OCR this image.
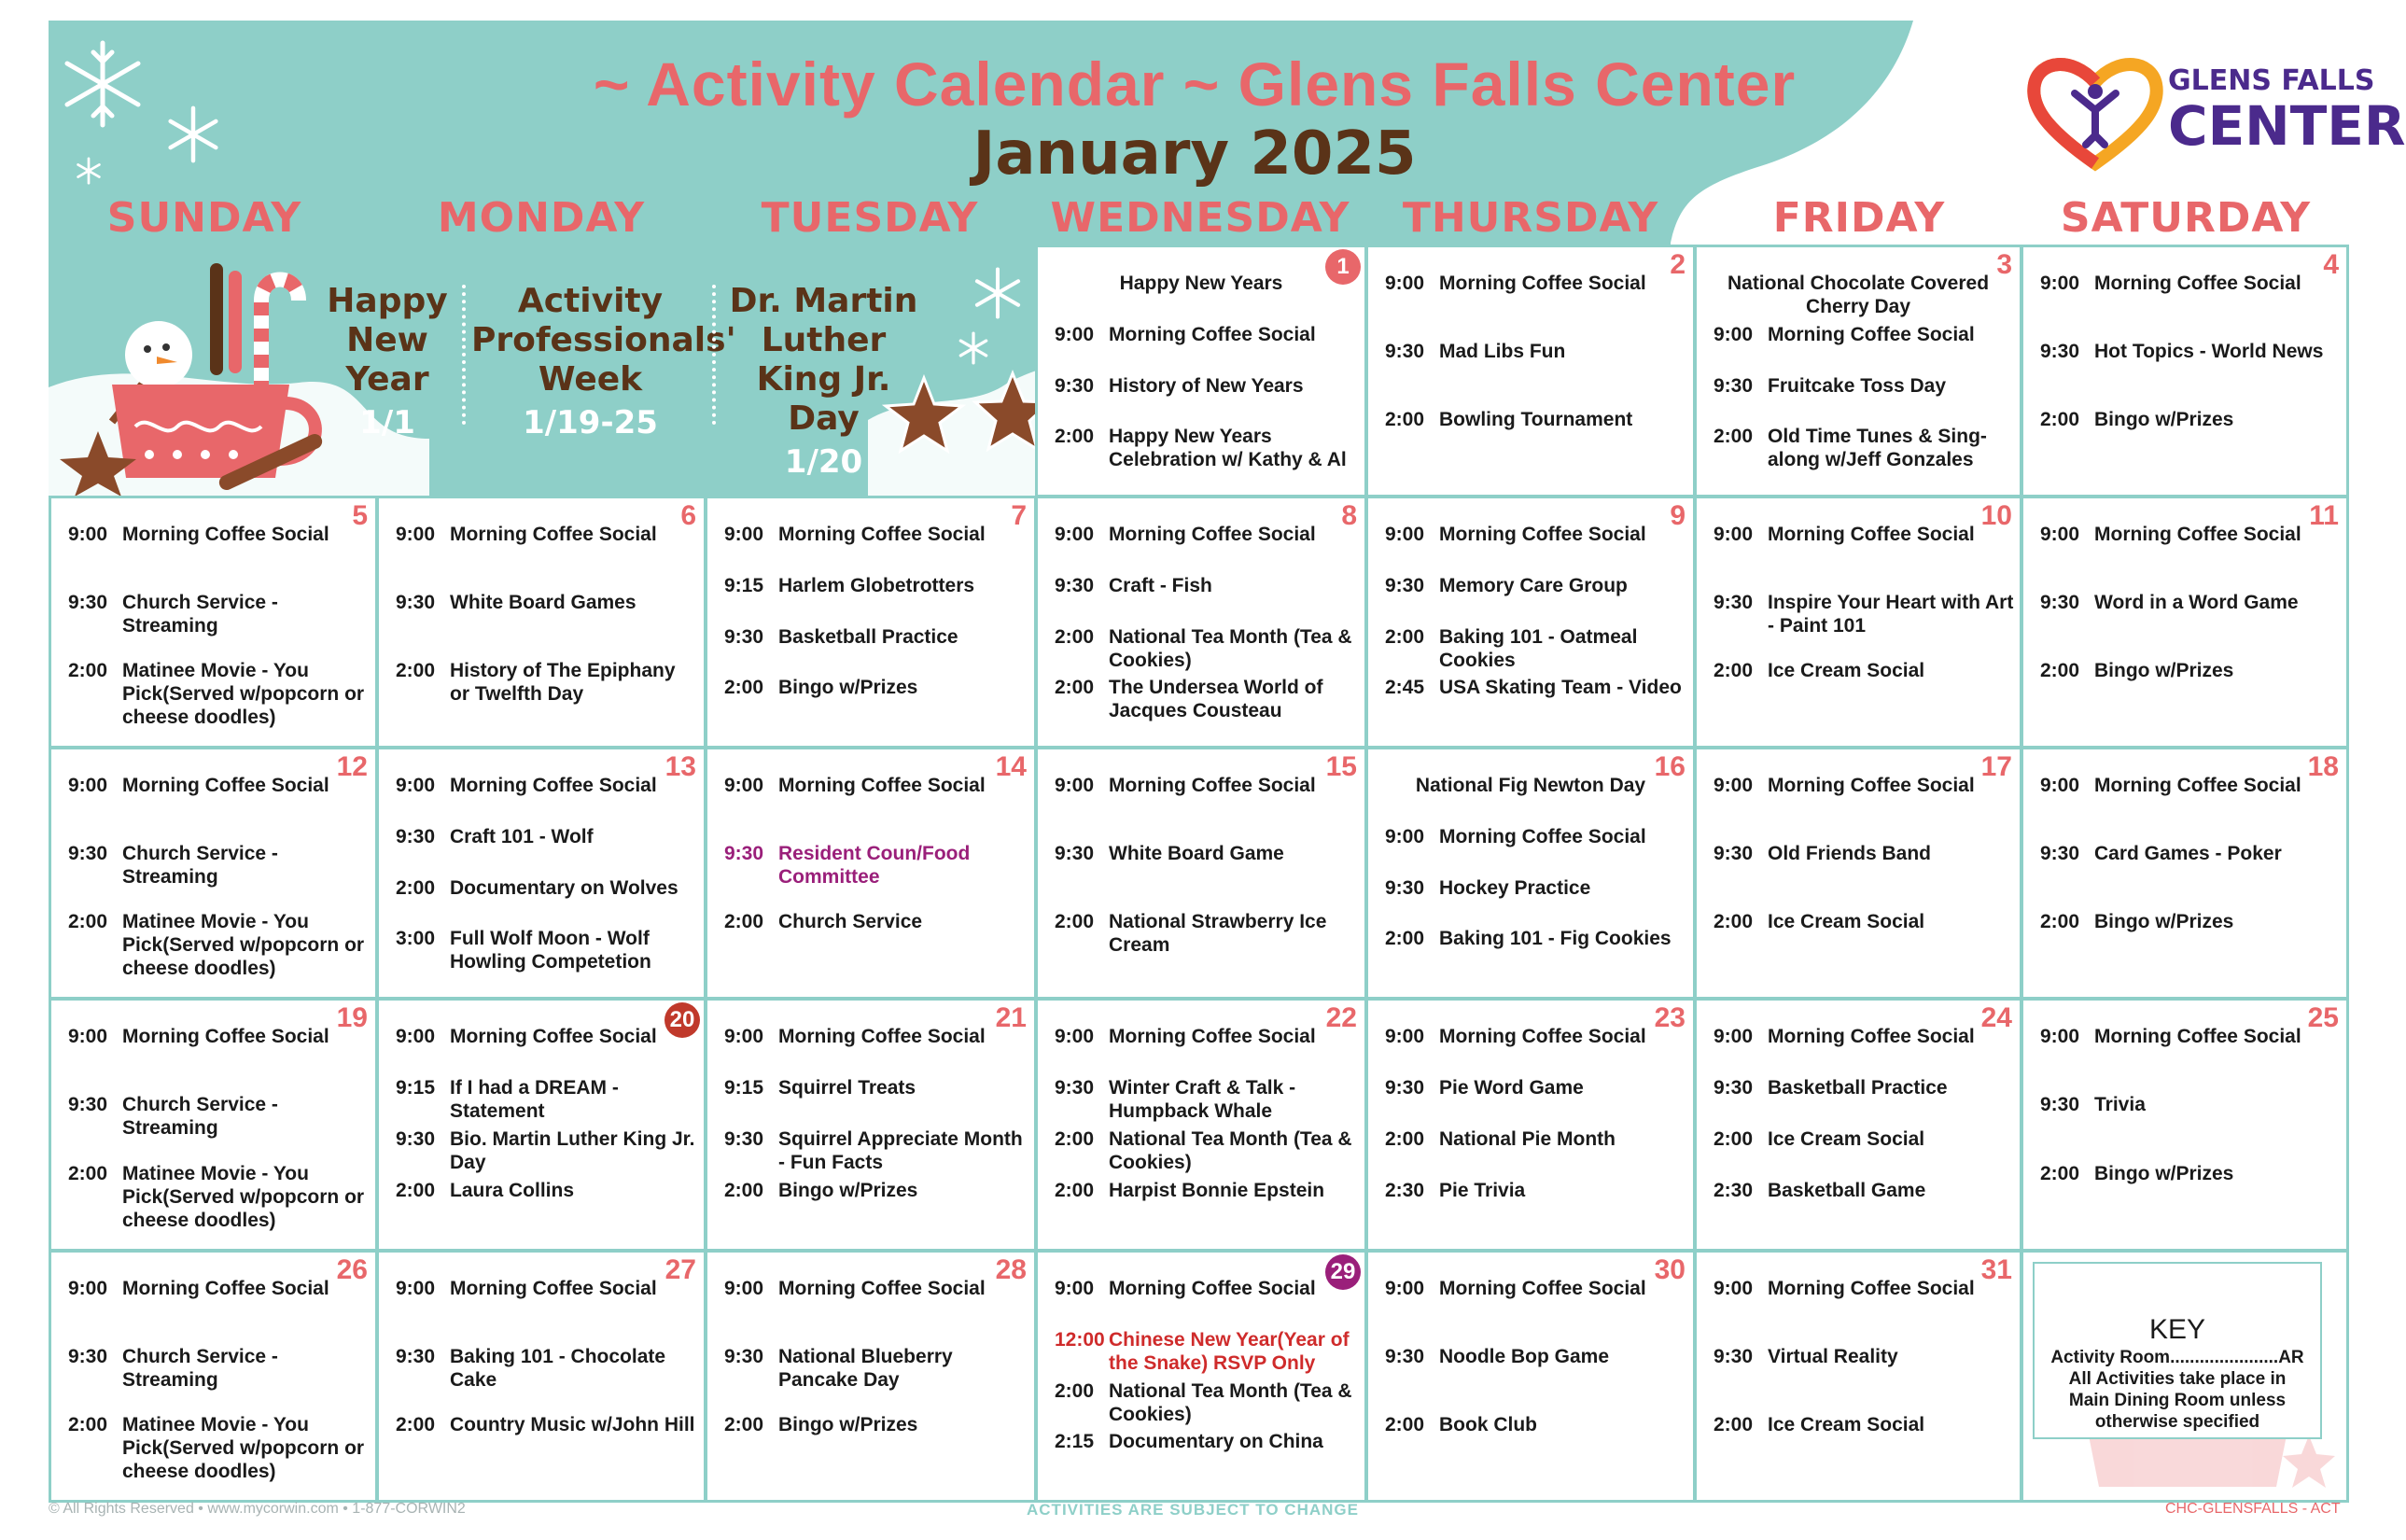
GLENS FALLS
CENTER
~ Activity Calendar ~ Glens Falls Center
January 2025
SUNDAY	MONDAY	TUESDAY	WEDNESDAY	THURSDAY	FRIDAY	SATURDAY
Happy New Year
1/1
Activity Professionals' Week
1/19-25
Dr. Martin Luther King Jr. Day
1/20
1
Happy New Years
9:00 Morning Coffee Social
9:30 History of New Years
2:00 Happy New Years Celebration w/ Kathy & Al
2
9:00 Morning Coffee Social
9:30 Mad Libs Fun
2:00 Bowling Tournament
3
National Chocolate Covered Cherry Day
9:00 Morning Coffee Social
9:30 Fruitcake Toss Day
2:00 Old Time Tunes & Sing-along w/Jeff Gonzales
4
9:00 Morning Coffee Social
9:30 Hot Topics - World News
2:00 Bingo w/Prizes
5
9:00 Morning Coffee Social
9:30 Church Service - Streaming
2:00 Matinee Movie - You Pick(Served w/popcorn or cheese doodles)
6
9:00 Morning Coffee Social
9:30 White Board Games
2:00 History of The Epiphany or Twelfth Day
7
9:00 Morning Coffee Social
9:15 Harlem Globetrotters
9:30 Basketball Practice
2:00 Bingo w/Prizes
8
9:00 Morning Coffee Social
9:30 Craft - Fish
2:00 National Tea Month (Tea & Cookies)
2:00 The Undersea World of Jacques Cousteau
9
9:00 Morning Coffee Social
9:30 Memory Care Group
2:00 Baking 101 - Oatmeal Cookies
2:45 USA Skating Team - Video
10
9:00 Morning Coffee Social
9:30 Inspire Your Heart with Art - Paint 101
2:00 Ice Cream Social
11
9:00 Morning Coffee Social
9:30 Word in a Word Game
2:00 Bingo w/Prizes
12
9:00 Morning Coffee Social
9:30 Church Service - Streaming
2:00 Matinee Movie - You Pick(Served w/popcorn or cheese doodles)
13
9:00 Morning Coffee Social
9:30 Craft 101 - Wolf
2:00 Documentary on Wolves
3:00 Full Wolf Moon - Wolf Howling Competetion
14
9:00 Morning Coffee Social
9:30 Resident Coun/Food Committee
2:00 Church Service
15
9:00 Morning Coffee Social
9:30 White Board Game
2:00 National Strawberry Ice Cream
16
National Fig Newton Day
9:00 Morning Coffee Social
9:30 Hockey Practice
2:00 Baking 101 - Fig Cookies
17
9:00 Morning Coffee Social
9:30 Old Friends Band
2:00 Ice Cream Social
18
9:00 Morning Coffee Social
9:30 Card Games - Poker
2:00 Bingo w/Prizes
19
9:00 Morning Coffee Social
9:30 Church Service - Streaming
2:00 Matinee Movie - You Pick(Served w/popcorn or cheese doodles)
20
9:00 Morning Coffee Social
9:15 If I had a DREAM - Statement
9:30 Bio. Martin Luther King Jr. Day
2:00 Laura Collins
21
9:00 Morning Coffee Social
9:15 Squirrel Treats
9:30 Squirrel Appreciate Month - Fun Facts
2:00 Bingo w/Prizes
22
9:00 Morning Coffee Social
9:30 Winter Craft & Talk - Humpback Whale
2:00 National Tea Month (Tea & Cookies)
2:00 Harpist Bonnie Epstein
23
9:00 Morning Coffee Social
9:30 Pie Word Game
2:00 National Pie Month
2:30 Pie Trivia
24
9:00 Morning Coffee Social
9:30 Basketball Practice
2:00 Ice Cream Social
2:30 Basketball Game
25
9:00 Morning Coffee Social
9:30 Trivia
2:00 Bingo w/Prizes
26
9:00 Morning Coffee Social
9:30 Church Service - Streaming
2:00 Matinee Movie - You Pick(Served w/popcorn or cheese doodles)
27
9:00 Morning Coffee Social
9:30 Baking 101 - Chocolate Cake
2:00 Country Music w/John Hill
28
9:00 Morning Coffee Social
9:30 National Blueberry Pancake Day
2:00 Bingo w/Prizes
29
9:00 Morning Coffee Social
12:00 Chinese New Year(Year of the Snake) RSVP Only
2:00 National Tea Month (Tea & Cookies)
2:15 Documentary on China
30
9:00 Morning Coffee Social
9:30 Noodle Bop Game
2:00 Book Club
31
9:00 Morning Coffee Social
9:30 Virtual Reality
2:00 Ice Cream Social
KEY
Activity Room......................AR
All Activities take place in Main Dining Room unless otherwise specified
© All Rights Reserved • www.mycorwin.com • 1-877-CORWIN2	ACTIVITIES ARE SUBJECT TO CHANGE	CHC-GLENSFALLS - ACT
